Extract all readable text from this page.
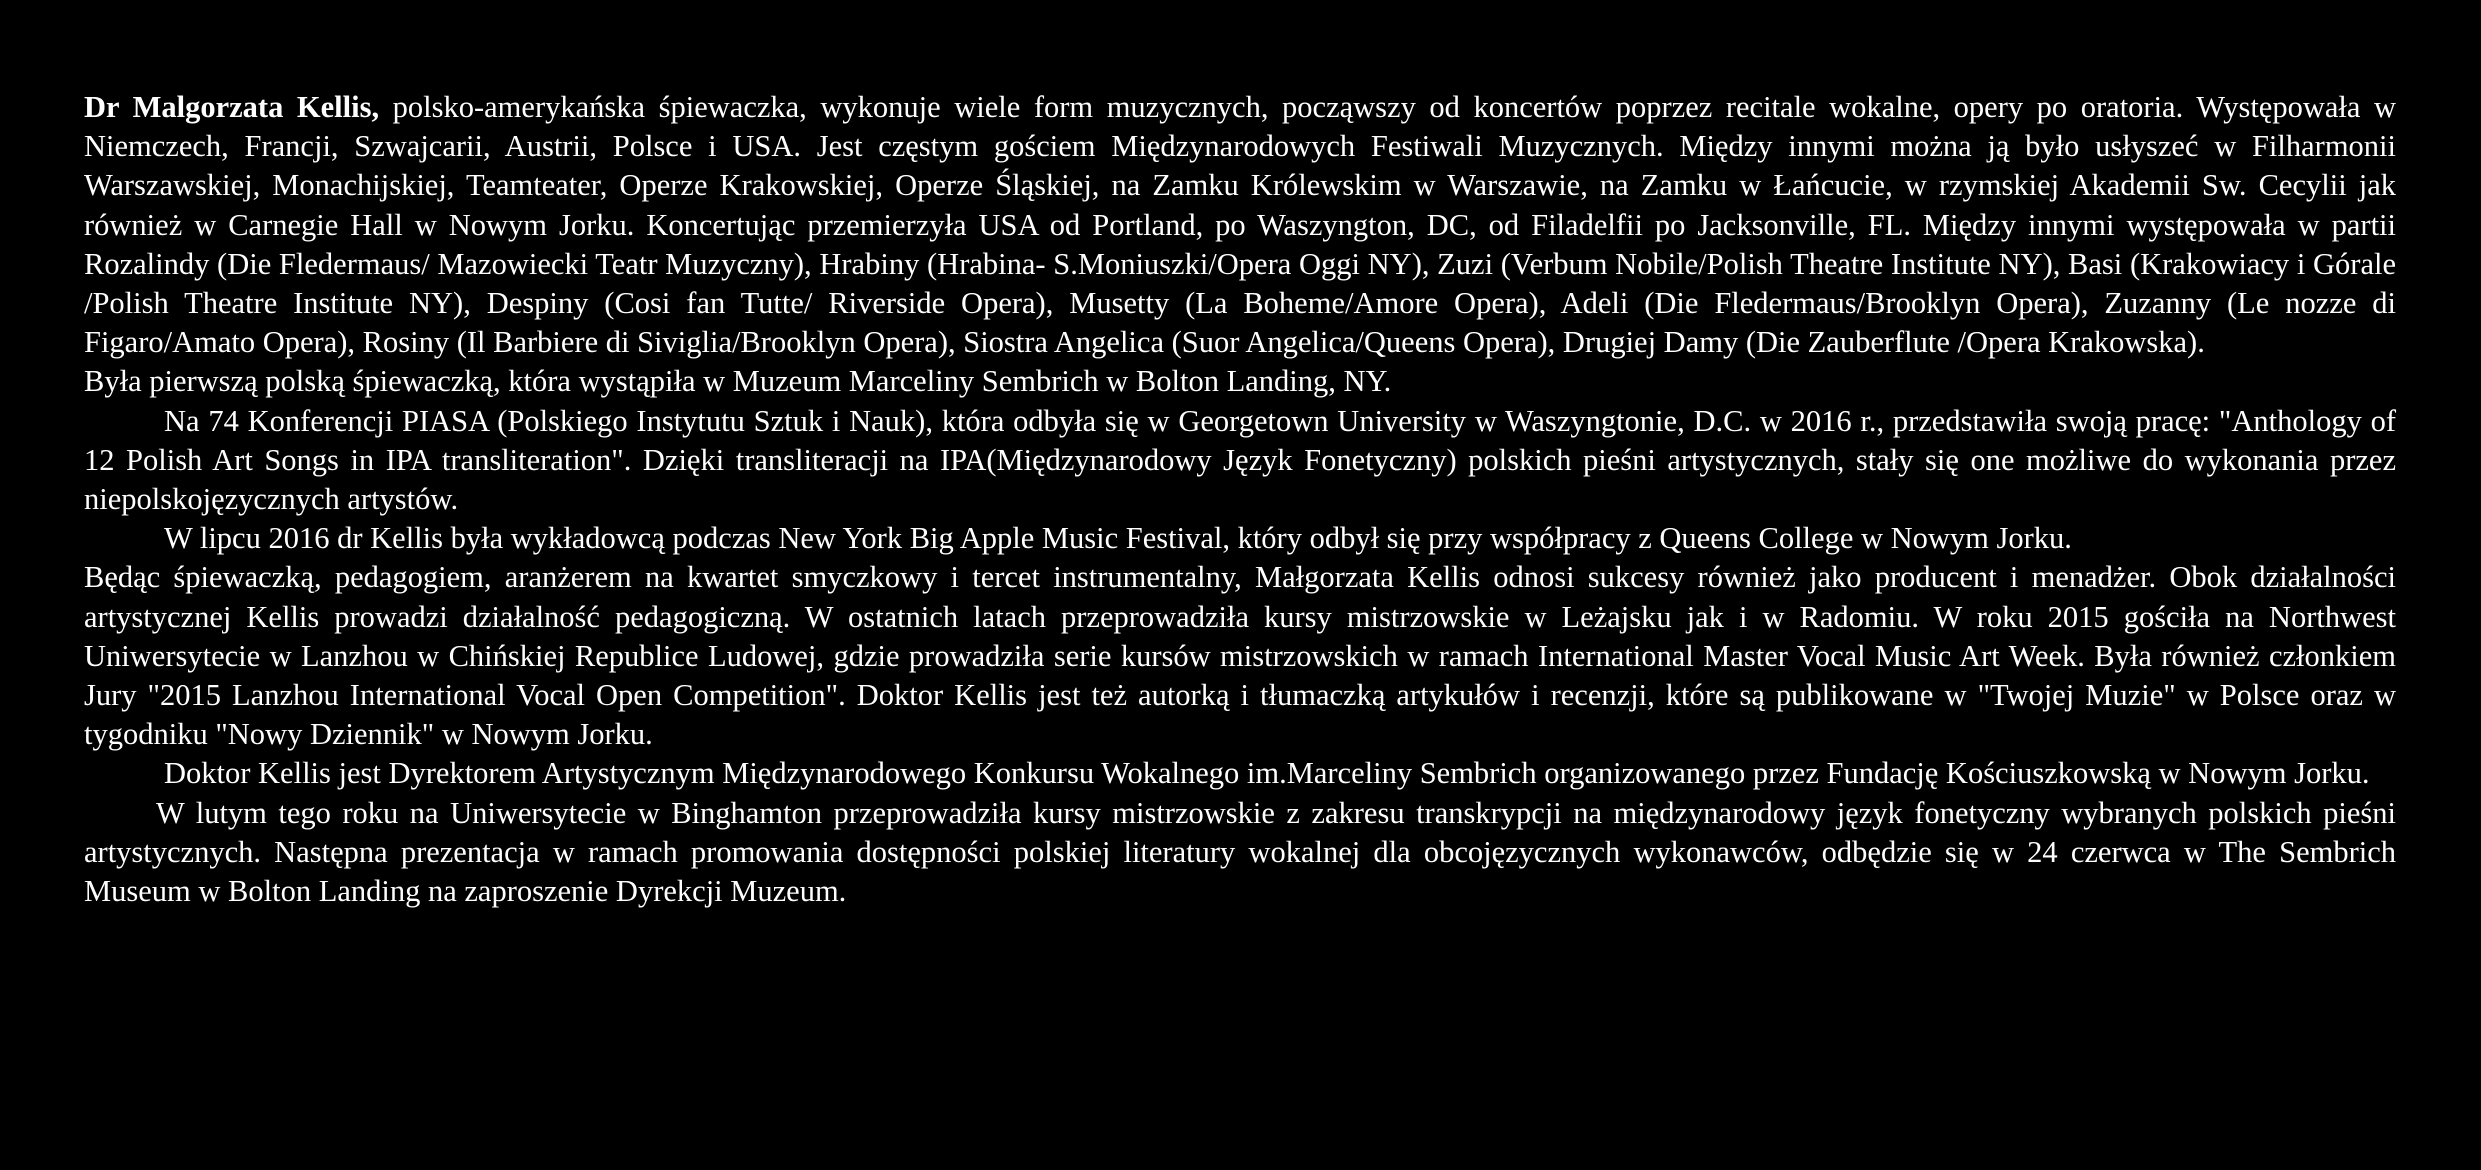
Dr Malgorzata Kellis, polsko-amerykańska śpiewaczka, wykonuje wiele form muzycznych, począwszy od koncertów poprzez recitale wokalne, opery po oratoria. Występowała w Niemczech, Francji, Szwajcarii, Austrii, Polsce i USA. Jest częstym gościem Międzynarodowych Festiwali Muzycznych. Między innymi można ją było usłyszeć w Filharmonii Warszawskiej, Monachijskiej, Teamteater, Operze Krakowskiej, Operze Śląskiej, na Zamku Królewskim w Warszawie, na Zamku w Łańcucie, w rzymskiej Akademii Sw. Cecylii jak również w Carnegie Hall w Nowym Jorku. Koncertując przemierzyła USA od Portland, po Waszyngton, DC, od Filadelfii po Jacksonville, FL. Między innymi występowała w partii Rozalindy (Die Fledermaus/ Mazowiecki Teatr Muzyczny), Hrabiny (Hrabina- S.Moniuszki/Opera Oggi NY), Zuzi (Verbum Nobile/Polish Theatre Institute NY), Basi (Krakowiacy i Górale /Polish Theatre Institute NY), Despiny (Cosi fan Tutte/ Riverside Opera), Musetty (La Boheme/Amore Opera), Adeli (Die Fledermaus/Brooklyn Opera), Zuzanny (Le nozze di Figaro/Amato Opera), Rosiny (Il Barbiere di Siviglia/Brooklyn Opera), Siostra Angelica (Suor Angelica/Queens Opera), Drugiej Damy (Die Zauberflute /Opera Krakowska).

Była pierwszą polską śpiewaczką, która wystąpiła w Muzeum Marceliny Sembrich w Bolton Landing, NY.

Na 74 Konferencji PIASA (Polskiego Instytutu Sztuk i Nauk), która odbyła się w Georgetown University w Waszyngtonie, D.C. w 2016 r., przedstawiła swoją pracę: "Anthology of 12 Polish Art Songs in IPA transliteration". Dzięki transliteracji na IPA(Międzynarodowy Język Fonetyczny) polskich pieśni artystycznych, stały się one możliwe do wykonania przez niepolskojęzycznych artystów.

W lipcu 2016 dr Kellis była wykładowcą podczas New York Big Apple Music Festival, który odbył się przy współpracy z Queens College w Nowym Jorku.

Będąc śpiewaczką, pedagogiem, aranżerem na kwartet smyczkowy i tercet instrumentalny, Małgorzata Kellis odnosi sukcesy również jako producent i menadżer. Obok działalności artystycznej Kellis prowadzi działalność pedagogiczną. W ostatnich latach przeprowadziła kursy mistrzowskie w Leżajsku jak i w Radomiu. W roku 2015 gościła na Northwest Uniwersytecie w Lanzhou w Chińskiej Republice Ludowej, gdzie prowadziła serie kursów mistrzowskich w ramach International Master Vocal Music Art Week. Była również członkiem Jury "2015 Lanzhou International Vocal Open Competition". Doktor Kellis jest też autorką i tłumaczką artykułów i recenzji, które są publikowane w "Twojej Muzie" w Polsce oraz w tygodniku "Nowy Dziennik" w Nowym Jorku.

Doktor Kellis jest Dyrektorem Artystycznym Międzynarodowego Konkursu Wokalnego im.Marceliny Sembrich organizowanego przez Fundację Kościuszkowską w Nowym Jorku.

W lutym tego roku na Uniwersytecie w Binghamton przeprowadziła kursy mistrzowskie z zakresu transkrypcji na międzynarodowy język fonetyczny wybranych polskich pieśni artystycznych. Następna prezentacja w ramach promowania dostępności polskiej literatury wokalnej dla obcojęzycznych wykonawców, odbędzie się w 24 czerwca w The Sembrich Museum w Bolton Landing na zaproszenie Dyrekcji Muzeum.
